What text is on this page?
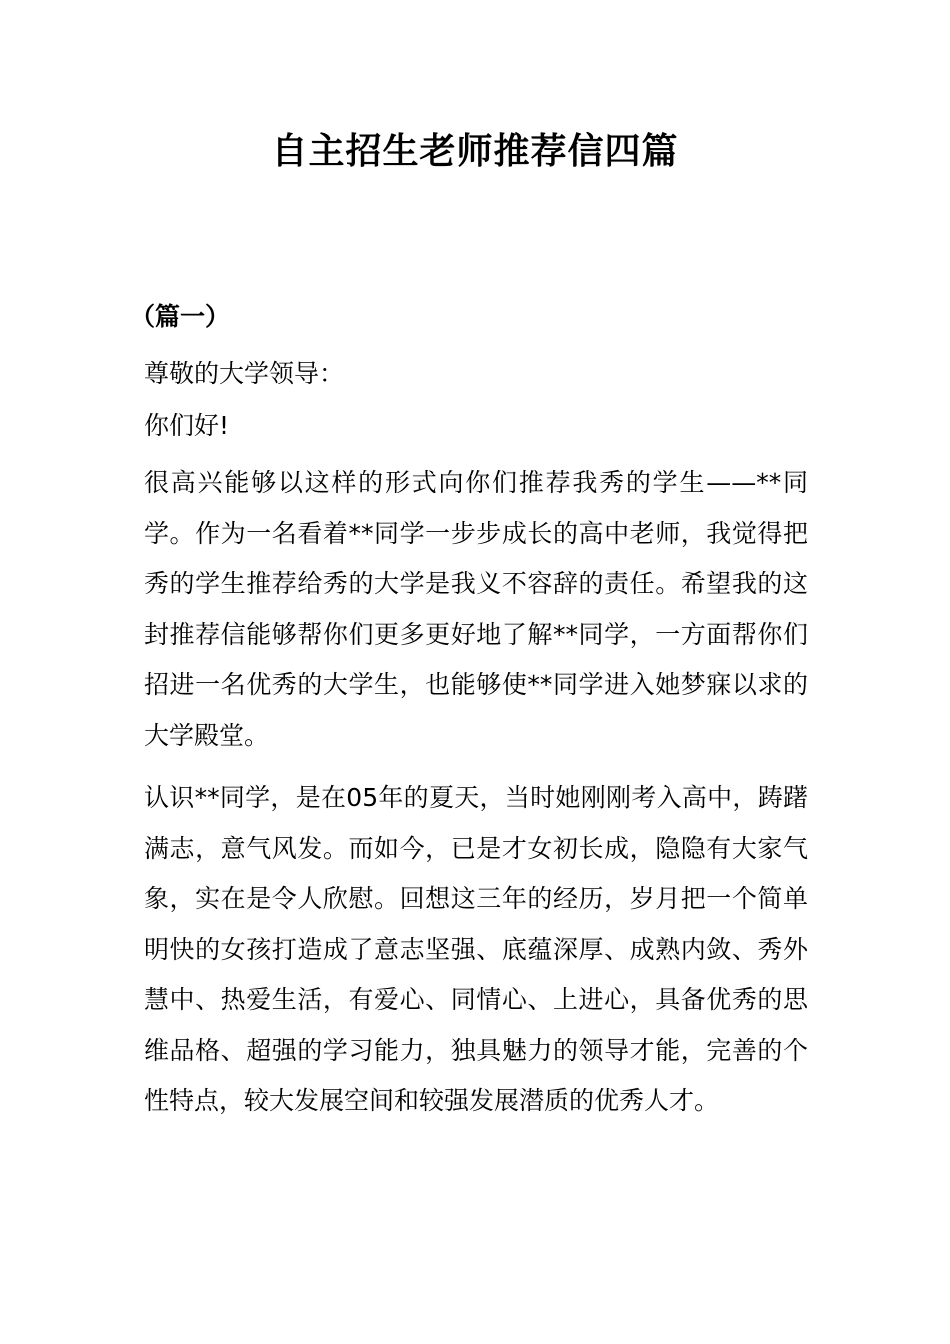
自主招生老师推荐信四篇

（篇一）

尊敬的大学领导：

你们好!

很高兴能够以这样的形式向你们推荐我秀的学生——**同学。作为一名看着**同学一步步成长的高中老师，我觉得把秀的学生推荐给秀的大学是我义不容辞的责任。希望我的这封推荐信能够帮你们更多更好地了解**同学，一方面帮你们招进一名优秀的大学生，也能够使**同学进入她梦寐以求的大学殿堂。

认识**同学，是在05年的夏天，当时她刚刚考入高中，踌躇满志，意气风发。而如今，已是才女初长成，隐隐有大家气象，实在是令人欣慰。回想这三年的经历，岁月把一个简单明快的女孩打造成了意志坚强、底蕴深厚、成熟内敛、秀外慧中、热爱生活，有爱心、同情心、上进心，具备优秀的思维品格、超强的学习能力，独具魅力的领导才能，完善的个性特点，较大发展空间和较强发展潜质的优秀人才。
